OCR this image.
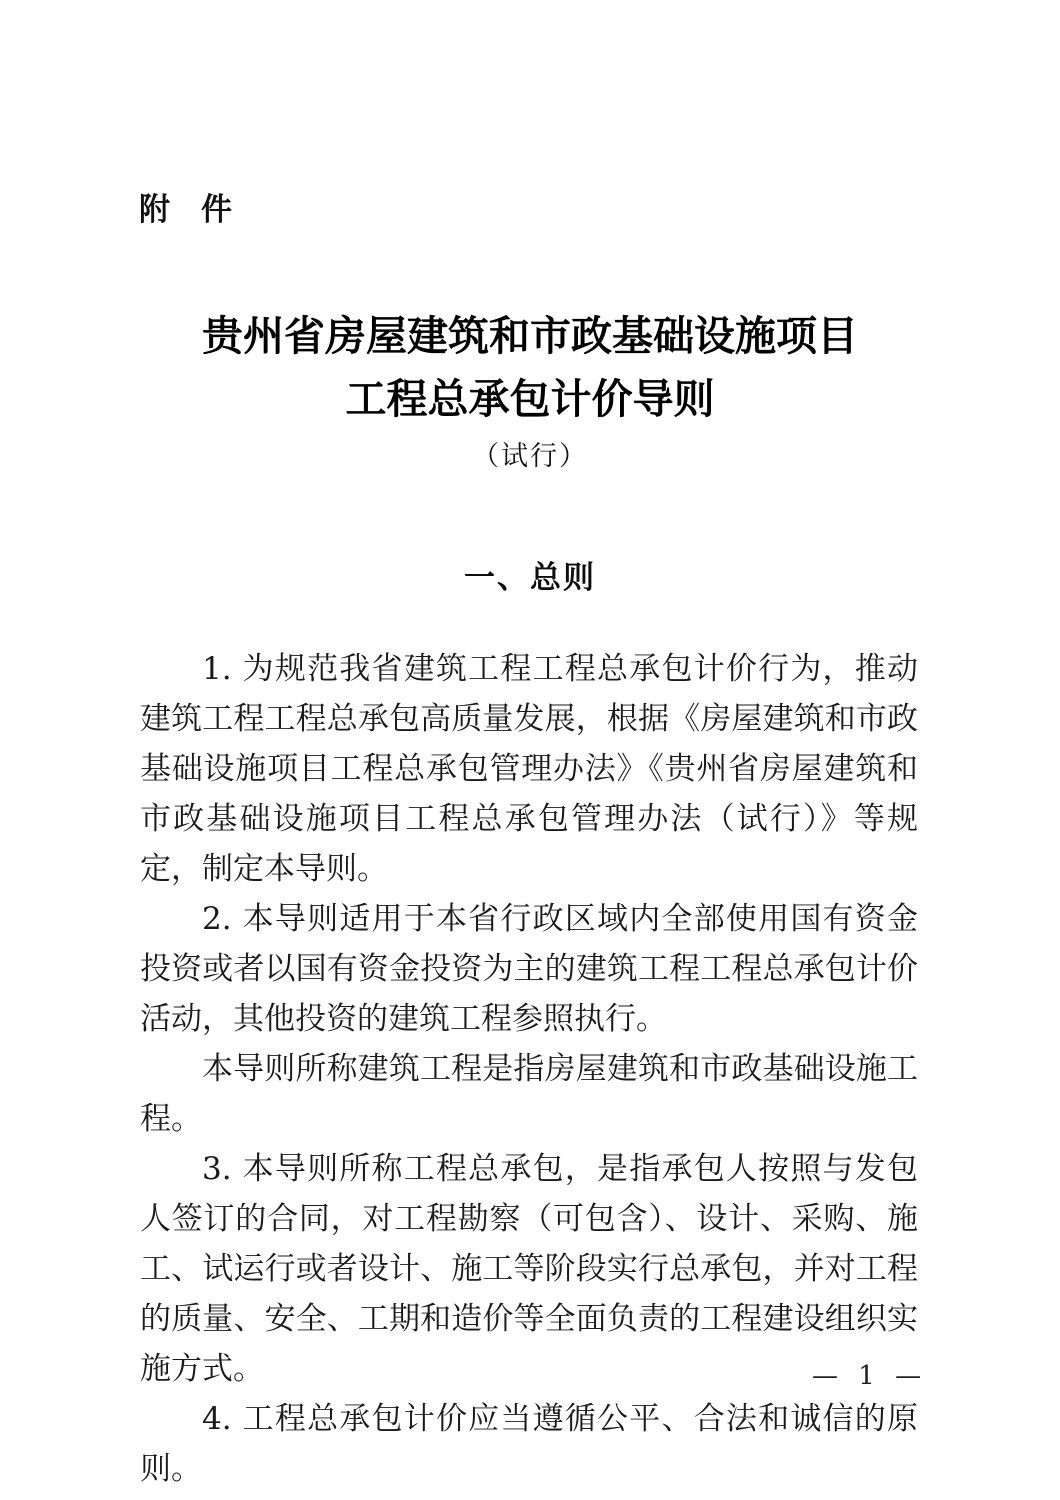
附　件
贵州省房屋建筑和市政基础设施项目
工程总承包计价导则
（试行）
一、总则

1. 为规范我省建筑工程工程总承包计价行为，推动建筑工程工程总承包高质量发展，根据《房屋建筑和市政基础设施项目工程总承包管理办法》《贵州省房屋建筑和市政基础设施项目工程总承包管理办法（试行）》等规定，制定本导则。

2. 本导则适用于本省行政区域内全部使用国有资金投资或者以国有资金投资为主的建筑工程工程总承包计价活动，其他投资的建筑工程参照执行。

本导则所称建筑工程是指房屋建筑和市政基础设施工程。

3. 本导则所称工程总承包，是指承包人按照与发包人签订的合同，对工程勘察（可包含）、设计、采购、施工、试运行或者设计、施工等阶段实行总承包，并对工程的质量、安全、工期和造价等全面负责的工程建设组织实施方式。

4. 工程总承包计价应当遵循公平、合法和诚信的原则。

— 1 —
